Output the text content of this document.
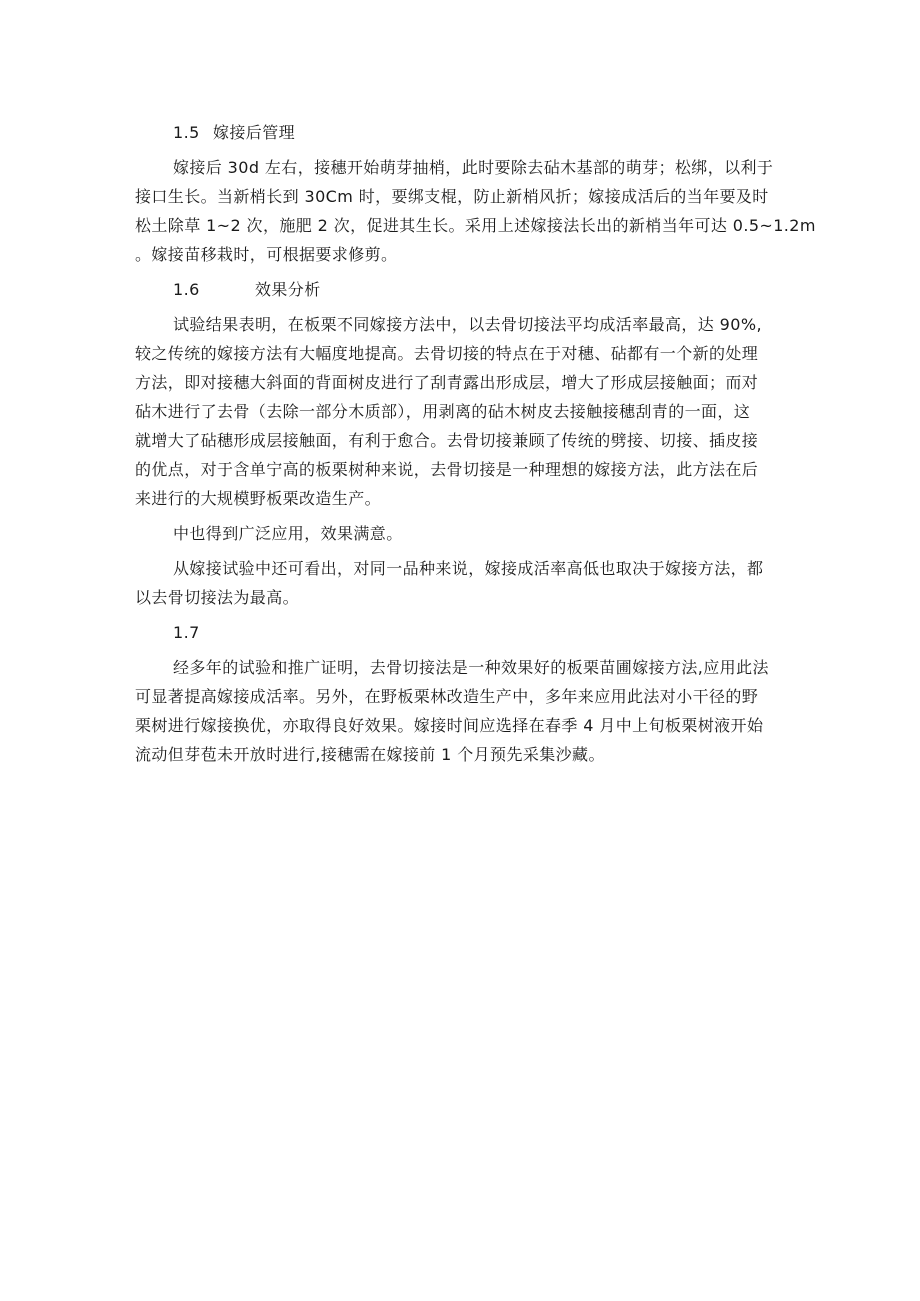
1.5 嫁接后管理
嫁接后 30d 左右，接穗开始萌芽抽梢，此时要除去砧木基部的萌芽；松绑，以利于
接口生长。当新梢长到 30Cm 时，要绑支棍，防止新梢风折；嫁接成活后的当年要及时
松土除草 1~2 次，施肥 2 次，促进其生长。采用上述嫁接法长出的新梢当年可达 0.5~1.2m
。嫁接苗移栽时，可根据要求修剪。
1.6	效果分析
试验结果表明，在板栗不同嫁接方法中，以去骨切接法平均成活率最高，达 90%,
较之传统的嫁接方法有大幅度地提高。去骨切接的特点在于对穗、砧都有一个新的处理
方法，即对接穗大斜面的背面树皮进行了刮青露出形成层，增大了形成层接触面；而对
砧木进行了去骨（去除一部分木质部），用剥离的砧木树皮去接触接穗刮青的一面，这
就增大了砧穗形成层接触面，有利于愈合。去骨切接兼顾了传统的劈接、切接、插皮接
的优点，对于含单宁高的板栗树种来说，去骨切接是一种理想的嫁接方法，此方法在后
来进行的大规模野板栗改造生产。
中也得到广泛应用，效果满意。
从嫁接试验中还可看出，对同一品种来说，嫁接成活率高低也取决于嫁接方法，都
以去骨切接法为最高。
1.7
经多年的试验和推广证明，去骨切接法是一种效果好的板栗苗圃嫁接方法,应用此法
可显著提高嫁接成活率。另外，在野板栗林改造生产中，多年来应用此法对小干径的野
栗树进行嫁接换优，亦取得良好效果。嫁接时间应选择在春季 4 月中上旬板栗树液开始
流动但芽苞未开放时进行,接穗需在嫁接前 1 个月预先采集沙藏。
